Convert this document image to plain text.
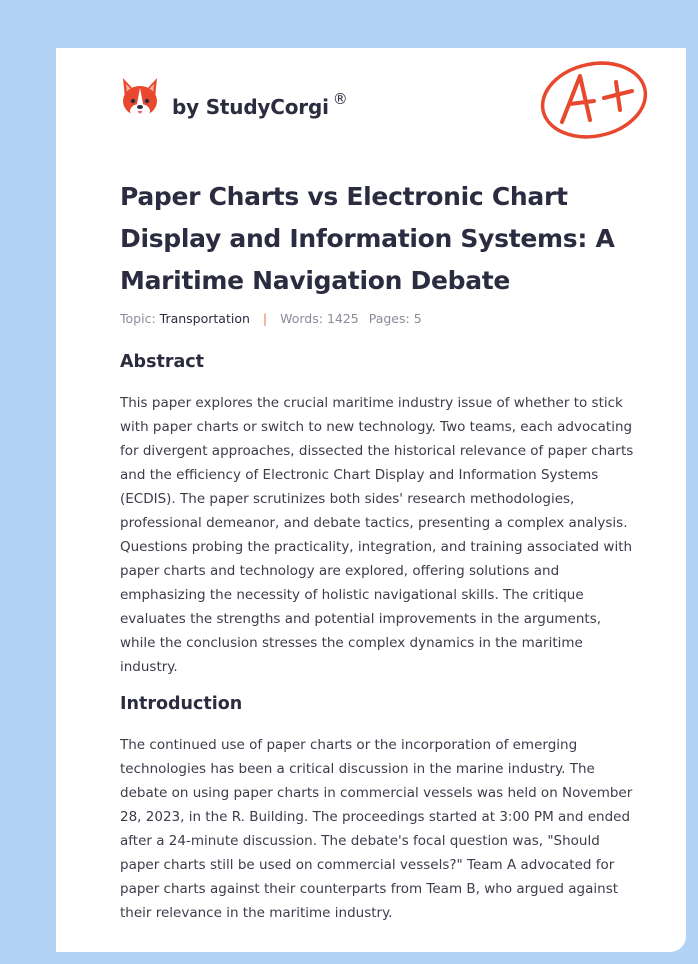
by StudyCorgi ®
Paper Charts vs Electronic Chart Display and Information Systems: A Maritime Navigation Debate
Topic: Transportation | Words: 1425 Pages: 5
Abstract

This paper explores the crucial maritime industry issue of whether to stick with paper charts or switch to new technology. Two teams, each advocating for divergent approaches, dissected the historical relevance of paper charts and the efficiency of Electronic Chart Display and Information Systems (ECDIS). The paper scrutinizes both sides' research methodologies, professional demeanor, and debate tactics, presenting a complex analysis. Questions probing the practicality, integration, and training associated with paper charts and technology are explored, offering solutions and emphasizing the necessity of holistic navigational skills. The critique evaluates the strengths and potential improvements in the arguments, while the conclusion stresses the complex dynamics in the maritime industry.

Introduction

The continued use of paper charts or the incorporation of emerging technologies has been a critical discussion in the marine industry. The debate on using paper charts in commercial vessels was held on November 28, 2023, in the R. Building. The proceedings started at 3:00 PM and ended after a 24-minute discussion. The debate's focal question was, "Should paper charts still be used on commercial vessels?" Team A advocated for paper charts against their counterparts from Team B, who argued against their relevance in the maritime industry.
